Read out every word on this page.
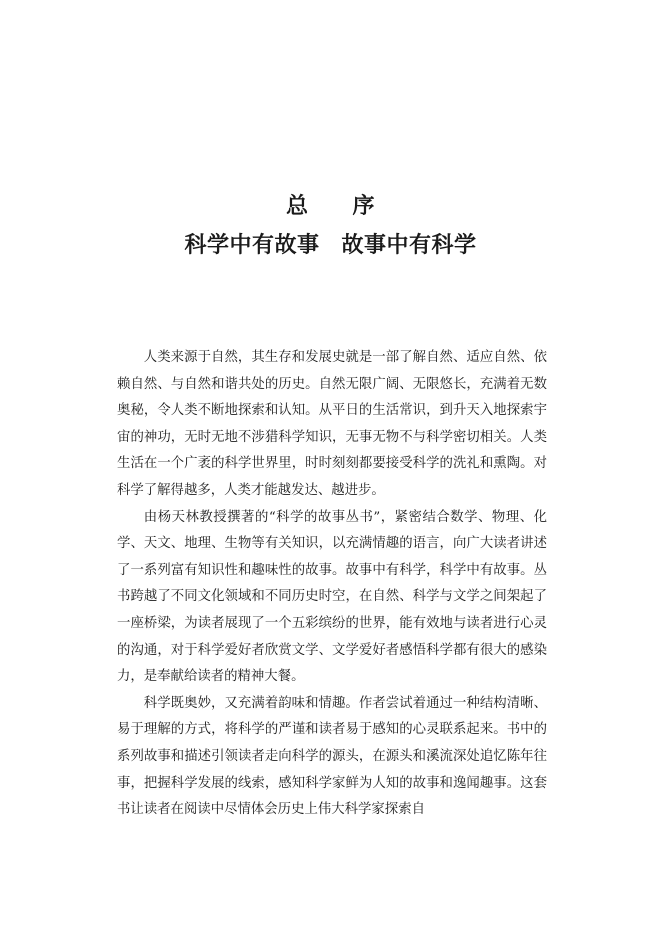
总 序
科学中有故事 故事中有科学

人类来源于自然，其生存和发展史就是一部了解自然、适应自然、依赖自然、与自然和谐共处的历史。自然无限广阔、无限悠长，充满着无数奥秘，令人类不断地探索和认知。从平日的生活常识，到升天入地探索宇宙的神功，无时无地不涉猎科学知识，无事无物不与科学密切相关。人类生活在一个广袤的科学世界里，时时刻刻都要接受科学的洗礼和熏陶。对科学了解得越多，人类才能越发达、越进步。

由杨天林教授撰著的“科学的故事丛书”，紧密结合数学、物理、化学、天文、地理、生物等有关知识，以充满情趣的语言，向广大读者讲述了一系列富有知识性和趣味性的故事。故事中有科学，科学中有故事。丛书跨越了不同文化领域和不同历史时空，在自然、科学与文学之间架起了一座桥梁，为读者展现了一个五彩缤纷的世界，能有效地与读者进行心灵的沟通，对于科学爱好者欣赏文学、文学爱好者感悟科学都有很大的感染力，是奉献给读者的精神大餐。

科学既奥妙，又充满着韵味和情趣。作者尝试着通过一种结构清晰、易于理解的方式，将科学的严谨和读者易于感知的心灵联系起来。书中的系列故事和描述引领读者走向科学的源头，在源头和溪流深处追忆陈年往事，把握科学发展的线索，感知科学家鲜为人知的故事和逸闻趣事。这套书让读者在阅读中尽情体会历史上伟大科学家探索自
